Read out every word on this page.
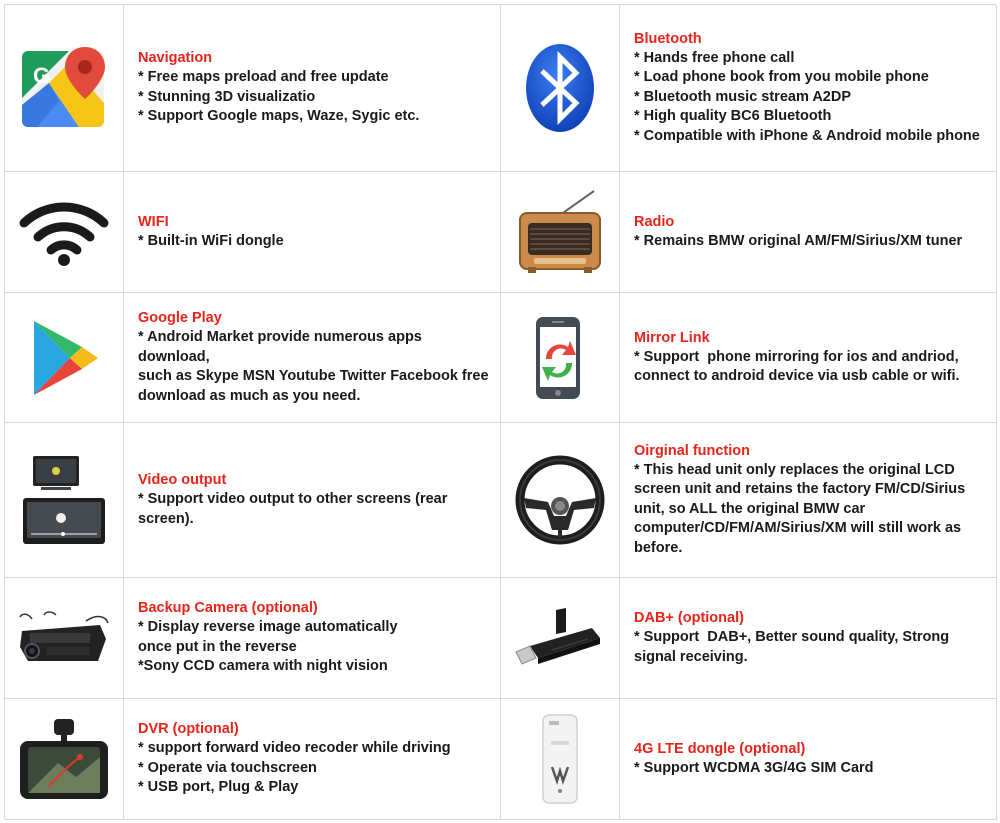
G
Navigation
* Free maps preload and free update
* Stunning 3D visualizatio
* Support Google maps, Waze, Sygic etc.
Bluetooth
* Hands free phone call
* Load phone book from you mobile phone
* Bluetooth music stream A2DP
* High quality BC6 Bluetooth
* Compatible with iPhone & Android mobile phone
WIFI
* Built-in WiFi dongle
Radio
* Remains BMW original AM/FM/Sirius/XM tuner
Google Play
* Android Market provide numerous apps download,
such as Skype MSN Youtube Twitter Facebook free download as much as you need.
Mirror Link
* Support  phone mirroring for ios and andriod, connect to android device via usb cable or wifi.
Video output
* Support video output to other screens (rear screen).
Oirginal function
* This head unit only replaces the original LCD screen unit and retains the factory FM/CD/Sirius unit, so ALL the original BMW car computer/CD/FM/AM/Sirius/XM will still work as before.
Backup Camera (optional)
* Display reverse image automatically
once put in the reverse
*Sony CCD camera with night vision
DAB+ (optional)
* Support  DAB+, Better sound quality, Strong signal receiving.
DVR (optional)
* support forward video recoder while driving
* Operate via touchscreen
* USB port, Plug & Play
4G LTE dongle (optional)
* Support WCDMA 3G/4G SIM Card
